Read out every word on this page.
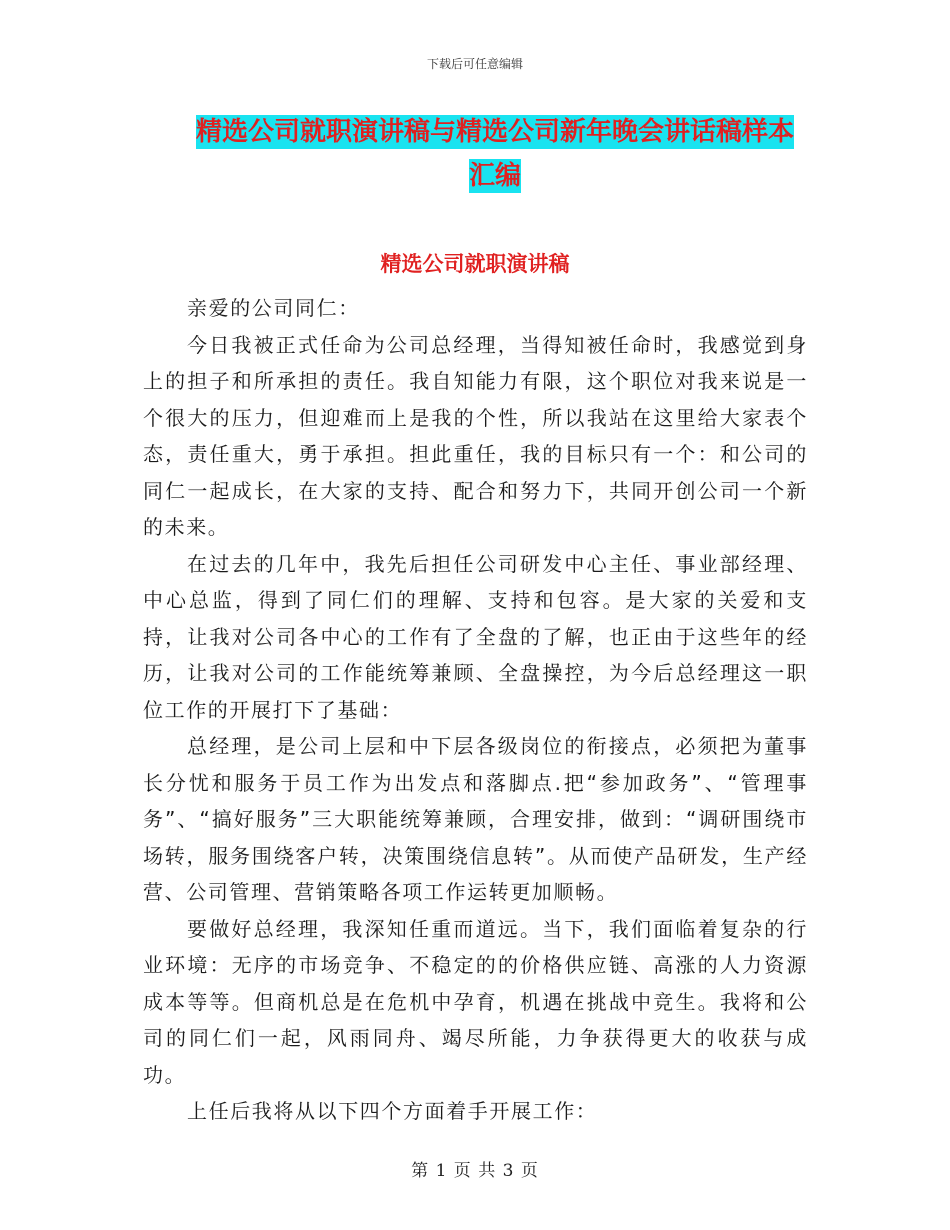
下载后可任意编辑
精选公司就职演讲稿与精选公司新年晚会讲话稿样本
汇编
精选公司就职演讲稿

亲爱的公司同仁：

今日我被正式任命为公司总经理，当得知被任命时，我感觉到身上的担子和所承担的责任。我自知能力有限，这个职位对我来说是一个很大的压力，但迎难而上是我的个性，所以我站在这里给大家表个态，责任重大，勇于承担。担此重任，我的目标只有一个：和公司的同仁一起成长，在大家的支持、配合和努力下，共同开创公司一个新的未来。

在过去的几年中，我先后担任公司研发中心主任、事业部经理、中心总监，得到了同仁们的理解、支持和包容。是大家的关爱和支持，让我对公司各中心的工作有了全盘的了解，也正由于这些年的经历，让我对公司的工作能统筹兼顾、全盘操控，为今后总经理这一职位工作的开展打下了基础：

总经理，是公司上层和中下层各级岗位的衔接点，必须把为董事长分忧和服务于员工作为出发点和落脚点.把“参加政务”、“管理事务”、“搞好服务”三大职能统筹兼顾，合理安排，做到：“调研围绕市场转，服务围绕客户转，决策围绕信息转”。从而使产品研发，生产经营、公司管理、营销策略各项工作运转更加顺畅。

要做好总经理，我深知任重而道远。当下，我们面临着复杂的行业环境：无序的市场竞争、不稳定的的价格供应链、高涨的人力资源成本等等。但商机总是在危机中孕育，机遇在挑战中竞生。我将和公司的同仁们一起，风雨同舟、竭尽所能，力争获得更大的收获与成功。

上任后我将从以下四个方面着手开展工作：

第 1 页 共 3 页
